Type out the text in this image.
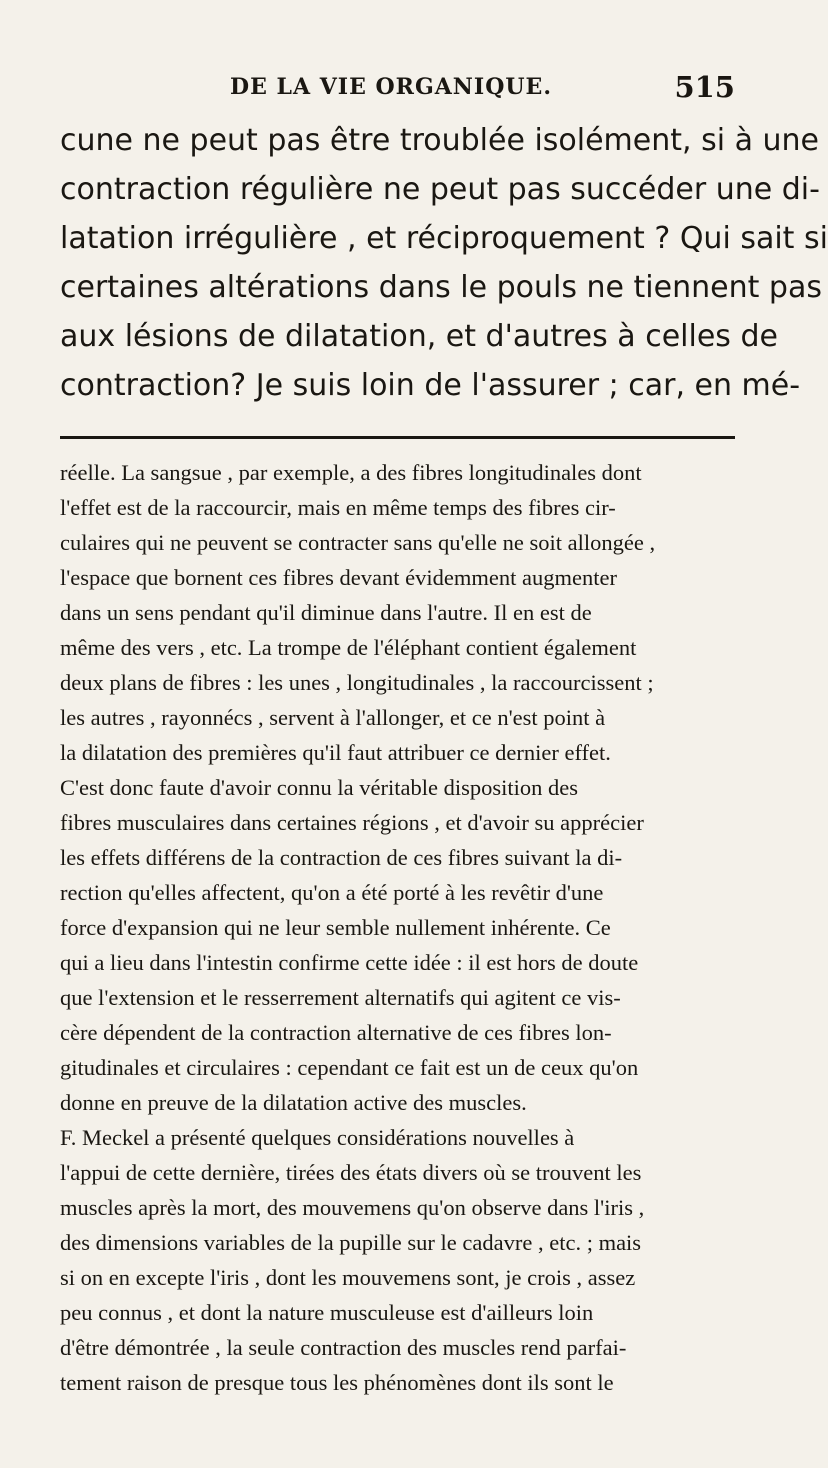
DE LA VIE ORGANIQUE.	515
cune ne peut pas être troublée isolément, si à une
contraction régulière ne peut pas succéder une di-
latation irrégulière , et réciproquement ? Qui sait si
certaines altérations dans le pouls ne tiennent pas
aux lésions de dilatation, et d'autres à celles de
contraction? Je suis loin de l'assurer ; car, en mé-
réelle. La sangsue , par exemple, a des fibres longitudinales dont
l'effet est de la raccourcir, mais en même temps des fibres cir-
culaires qui ne peuvent se contracter sans qu'elle ne soit allongée ,
l'espace que bornent ces fibres devant évidemment augmenter
dans un sens pendant qu'il diminue dans l'autre. Il en est de
même des vers , etc. La trompe de l'éléphant contient également
deux plans de fibres : les unes , longitudinales , la raccourcissent ;
les autres , rayonnécs , servent à l'allonger, et ce n'est point à
la dilatation des premières qu'il faut attribuer ce dernier effet.
C'est donc faute d'avoir connu la véritable disposition des
fibres musculaires dans certaines régions , et d'avoir su apprécier
les effets différens de la contraction de ces fibres suivant la di-
rection qu'elles affectent, qu'on a été porté à les revêtir d'une
force d'expansion qui ne leur semble nullement inhérente. Ce
qui a lieu dans l'intestin confirme cette idée : il est hors de doute
que l'extension et le resserrement alternatifs qui agitent ce vis-
cère dépendent de la contraction alternative de ces fibres lon-
gitudinales et circulaires : cependant ce fait est un de ceux qu'on
donne en preuve de la dilatation active des muscles.
F. Meckel a présenté quelques considérations nouvelles à
l'appui de cette dernière, tirées des états divers où se trouvent les
muscles après la mort, des mouvemens qu'on observe dans l'iris ,
des dimensions variables de la pupille sur le cadavre , etc. ; mais
si on en excepte l'iris , dont les mouvemens sont, je crois , assez
peu connus , et dont la nature musculeuse est d'ailleurs loin
d'être démontrée , la seule contraction des muscles rend parfai-
tement raison de presque tous les phénomènes dont ils sont le
